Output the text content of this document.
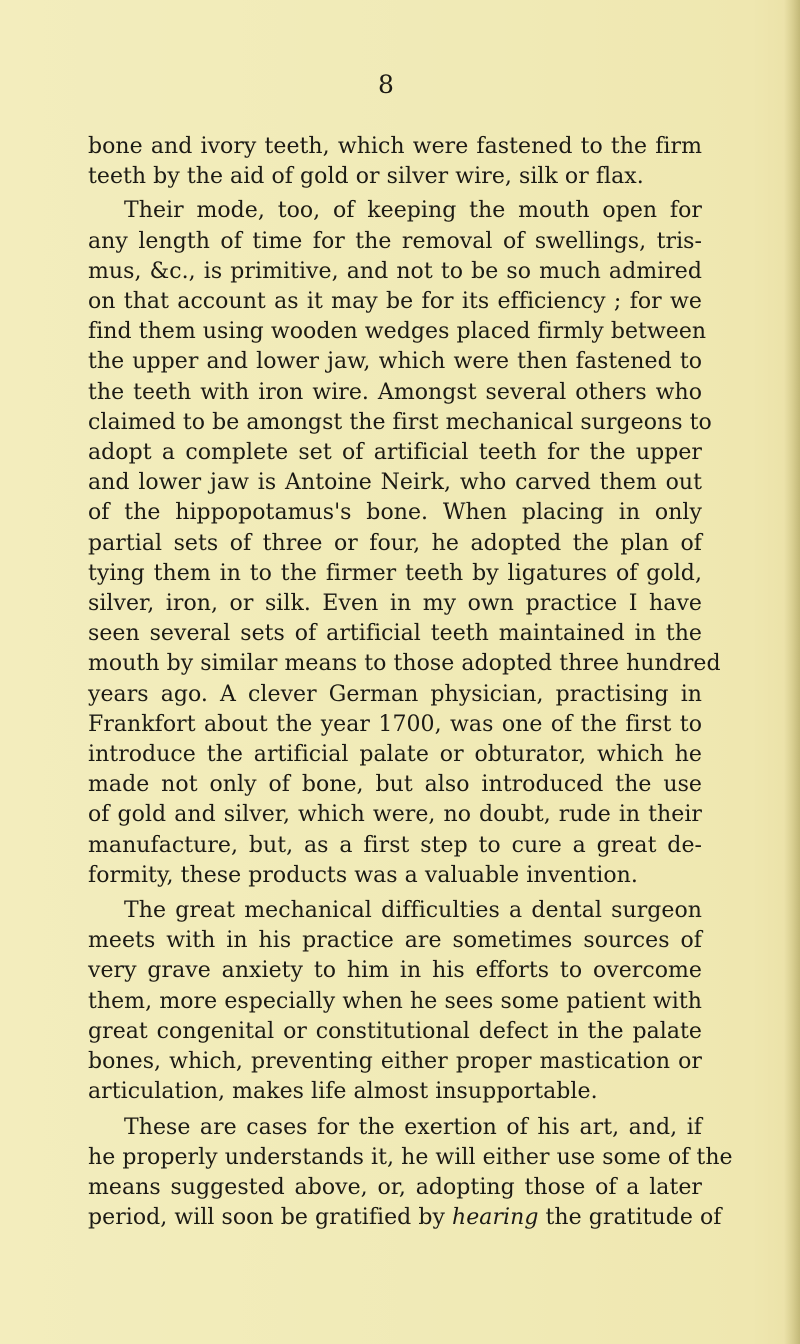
8

bone and ivory teeth, which were fastened to the firm
teeth by the aid of gold or silver wire, silk or flax.

Their mode, too, of keeping the mouth open for
any length of time for the removal of swellings, tris-
mus, &c., is primitive, and not to be so much admired
on that account as it may be for its efficiency ; for we
find them using wooden wedges placed firmly between
the upper and lower jaw, which were then fastened to
the teeth with iron wire. Amongst several others who
claimed to be amongst the first mechanical surgeons to
adopt a complete set of artificial teeth for the upper
and lower jaw is Antoine Neirk, who carved them out
of the hippopotamus's bone. When placing in only
partial sets of three or four, he adopted the plan of
tying them in to the firmer teeth by ligatures of gold,
silver, iron, or silk. Even in my own practice I have
seen several sets of artificial teeth maintained in the
mouth by similar means to those adopted three hundred
years ago. A clever German physician, practising in
Frankfort about the year 1700, was one of the first to
introduce the artificial palate or obturator, which he
made not only of bone, but also introduced the use
of gold and silver, which were, no doubt, rude in their
manufacture, but, as a first step to cure a great de-
formity, these products was a valuable invention.

The great mechanical difficulties a dental surgeon
meets with in his practice are sometimes sources of
very grave anxiety to him in his efforts to overcome
them, more especially when he sees some patient with
great congenital or constitutional defect in the palate
bones, which, preventing either proper mastication or
articulation, makes life almost insupportable.

These are cases for the exertion of his art, and, if
he properly understands it, he will either use some of the
means suggested above, or, adopting those of a later
period, will soon be gratified by hearing the gratitude of
